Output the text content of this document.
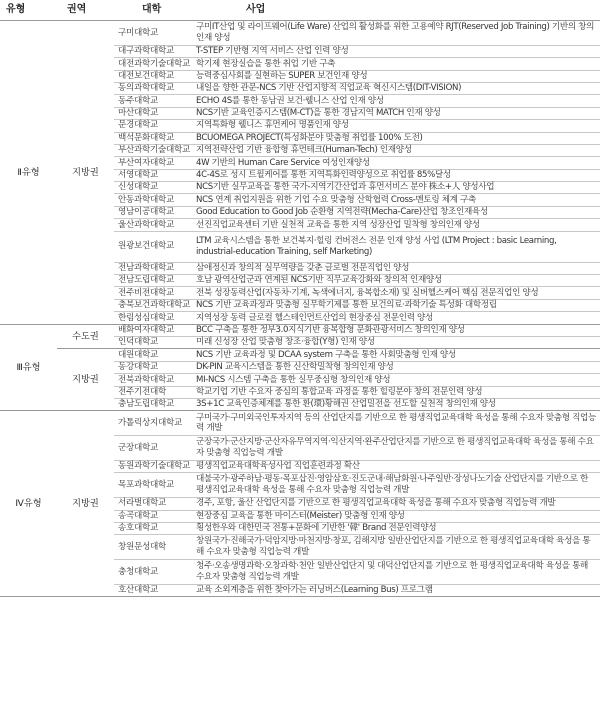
유형	권역	대학	사업
Ⅱ유형	지방권	구미대학교	구미IT산업 및 라이프웨어(Life Ware) 산업의 활성화를 위한 고용예약 RJT(Reserved Job Training) 기반의 창의인재 양성
		대구과학대학교	T-STEP 기반형 지역 서비스 산업 인력 양성
		대전과학기술대학교	학기제 현장실습을 통한 취업 기반 구축
		대전보건대학교	능력중심사회를 실현하는 SUPER 보건인재 양성
		동의과학대학교	내일을 향한 관문-NCS 기반 산업지향적 직업교육 혁신시스템(DIT-VISION)
		동주대학교	ECHO 4S를 통한 동남권 보건·웰니스 산업 인재 양성
		마산대학교	NCS기반 교육인증시스템(M-CT)을 통한 경남지역 MATCH 인재 양성
		문경대학교	지역특화형 웰니스 휴먼케어 명품인재 양성
		백석문화대학교	BCUOMEGA PROJECT(특성화분야 맞춤형 취업률 100% 도전)
		부산과학기술대학교	지역전략산업 기반 융합형 휴먼테크(Human-Tech) 인재양성
		부산여자대학교	4W 기반의 Human Care Service 여성인재양성
		서영대학교	4C-4S로 성시 트윌케어를 통한 지역특화인력양성으로 취업률 85%달성
		신성대학교	NCS기반 실무교육을 통한 국가-지역기간산업과 휴먼서비스 분야 株소+人 양성사업
		안동과학대학교	NCS 연계 취업지원을 위한 기업 수요 맞춤형 산학협력 Cross-멘토링 체계 구축
		영남이공대학교	Good Education to Good Job 순환형 지역전략(Mecha-Care)산업 창조인재육성
		울산과학대학교	선진직업교육센터 기반 실천적 교육을 통한 지역 성장산업 밀착형 창의인재 양성
		원광보건대학교	LTM 교육시스템을 통한 보건복지·힐링 컨버전스 전문 인재 양성 사업 (LTM Project : basic Learning, industrial-education Training, self Marketing)
		전남과학대학교	삼애정신과 창의적 실무역량을 갖춘 글로벌 전문직업인 양성
		전남도립대학교	호남 광역산업군과 연계된 NCS기반 직무교육강화와 창의적 인재양성
		전주비전대학교	전북 성장동력산업(자동차·기계, 녹색에너지, 융복합소재) 및 실버헬스케어 핵심 전문직업인 양성
		충북보건과학대학교	NCS 기반 교육과정과 맞춤형 실무학기제를 통한 보건의료·과학기술 특성화 대학정립
		한림성심대학교	지역성장 동력 글로컬 헬스테인먼트산업의 현장중심 전문인력 양성
Ⅲ유형	수도권	배화여자대학교	BCC 구축을 통한 정부3.0지식기반 융복합형 문화관광서비스 창의인재 양성
		인덕대학교	미래 신성장 산업 맞춤형 창조·융합(Y형) 인재 양성
	지방권	대원대학교	NCS 기반 교육과정 및 DCAA system 구축을 통한 사회맞춤형 인재 양성
		동강대학교	DK-PIN 교육시스템을 통한 신산학밀착형 창의인재 양성
		전북과학대학교	MI-NCS 시스템 구축을 통한 실무중심형 창의인재 양성
		전주기전대학	학교기업 기반 수요자 중심의 통합교육 과정을 통한 힐링분야 창의 전문인력 양성
		충남도립대학교	3S+1C 교육인증체계를 통한 환(環)황해권 산업밀전을 선도할 실천적 창의인재 양성
Ⅳ유형	지방권	가톨릭상지대학교	구미국가·구미외국인투자지역 등의 산업단지를 기반으로 한 평생직업교육대학 육성을 통해 수요자 맞춤형 직업능력 개발
		군장대학교	군장국가·군산지방·군산자유무역지역·익산지역·완주산업단지를 기반으로 한 평생직업교육대학 육성을 통해 수요자 맞춤형 직업능력 개발
		동원과학기술대학교	평생직업교육대학육성사업 직업훈련과정 확산
		목포과학대학교	대불국가·광주하남·평동·목포삽진·영암삼호·진도군내·해남화원·나주일반·장성나노기술 산업단지를 기반으로 한 평생직업교육대학 육성을 통해 수요자 맞춤형 직업능력 개발
		서라벌대학교	경주, 포항, 울산 산업단지를 기반으로 한 평생직업교육대학 육성을 통해 수요자 맞춤형 직업능력 개발
		송곡대학교	현장중심 교육을 통한 마이스터(Meister) 맞춤형 인재 양성
		송호대학교	횡성한우와 대한민국 전통+문화에 기반한 '韓' Brand 전문인력양성
		창원문성대학	창원국가·진해국가·덕암지방·마천지방·창포, 김해지방 일반산업단지를 기반으로 한 평생직업교육대학 육성을 통해 수요자 맞춤형 직업능력 개발
		충청대학교	청주·오송생명과학·오창과학·천안 일반산업단지 및 대덕산업단지를 기반으로 한 평생직업교육대학 육성을 통해 수요자 맞춤형 직업능력 개발
		호산대학교	교육 소외계층을 위한 찾아가는 러닝버스(Learning Bus) 프로그램
